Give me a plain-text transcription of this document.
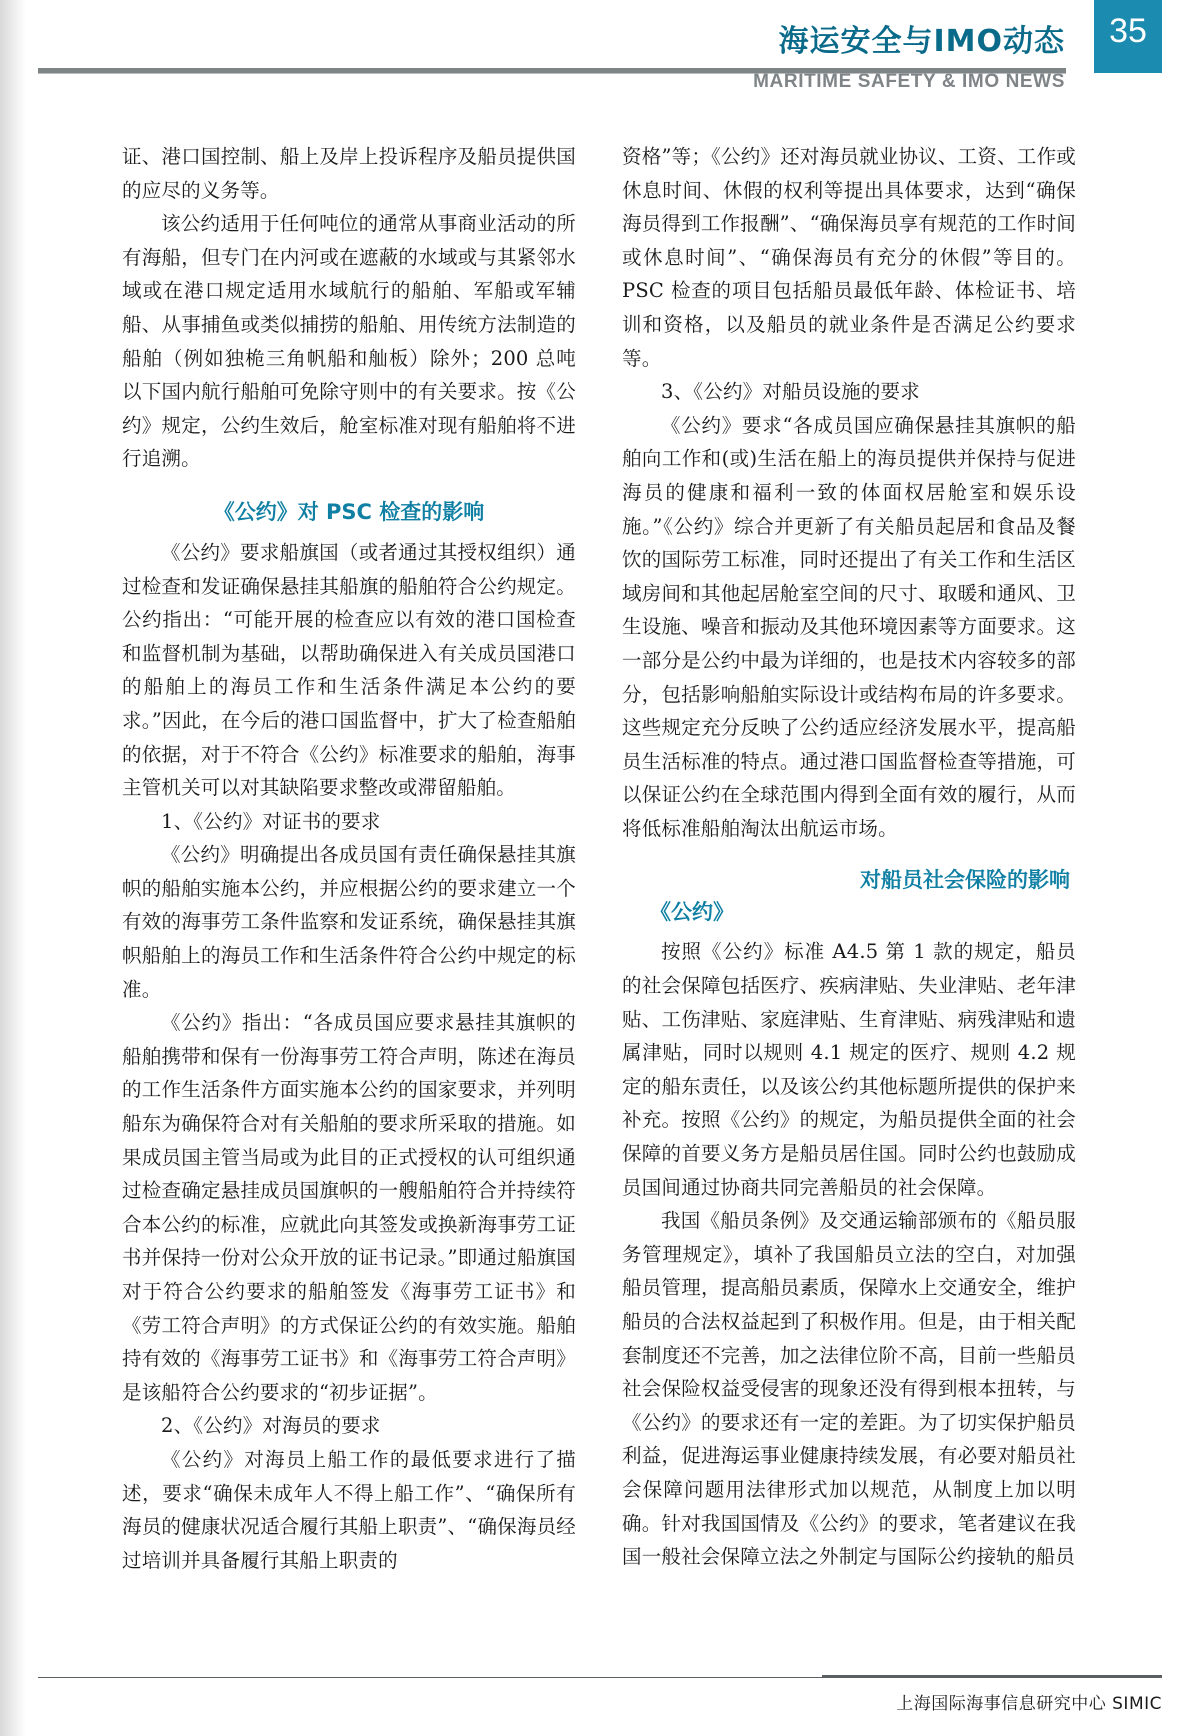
海运安全与IMO动态
MARITIME SAFETY & IMO NEWS
35

证、港口国控制、船上及岸上投诉程序及船员提供国的应尽的义务等。

该公约适用于任何吨位的通常从事商业活动的所有海船，但专门在内河或在遮蔽的水域或与其紧邻水域或在港口规定适用水域航行的船舶、军船或军辅船、从事捕鱼或类似捕捞的船舶、用传统方法制造的船舶（例如独桅三角帆船和舢板）除外；200 总吨以下国内航行船舶可免除守则中的有关要求。按《公约》规定，公约生效后，舱室标准对现有船舶将不进行追溯。

《公约》对 PSC 检查的影响

《公约》要求船旗国（或者通过其授权组织）通过检查和发证确保悬挂其船旗的船舶符合公约规定。公约指出：“可能开展的检查应以有效的港口国检查和监督机制为基础，以帮助确保进入有关成员国港口的船舶上的海员工作和生活条件满足本公约的要求。”因此，在今后的港口国监督中，扩大了检查船舶的依据，对于不符合《公约》标准要求的船舶，海事主管机关可以对其缺陷要求整改或滞留船舶。

1、《公约》对证书的要求

《公约》明确提出各成员国有责任确保悬挂其旗帜的船舶实施本公约，并应根据公约的要求建立一个有效的海事劳工条件监察和发证系统，确保悬挂其旗帜船舶上的海员工作和生活条件符合公约中规定的标准。

《公约》指出：“各成员国应要求悬挂其旗帜的船舶携带和保有一份海事劳工符合声明，陈述在海员的工作生活条件方面实施本公约的国家要求，并列明船东为确保符合对有关船舶的要求所采取的措施。如果成员国主管当局或为此目的正式授权的认可组织通过检查确定悬挂成员国旗帜的一艘船舶符合并持续符合本公约的标准，应就此向其签发或换新海事劳工证书并保持一份对公众开放的证书记录。”即通过船旗国对于符合公约要求的船舶签发《海事劳工证书》和《劳工符合声明》的方式保证公约的有效实施。船舶持有效的《海事劳工证书》和《海事劳工符合声明》是该船符合公约要求的“初步证据”。

2、《公约》对海员的要求

《公约》对海员上船工作的最低要求进行了描述，要求“确保未成年人不得上船工作”、“确保所有海员的健康状况适合履行其船上职责”、“确保海员经过培训并具备履行其船上职责的

资格”等；《公约》还对海员就业协议、工资、工作或休息时间、休假的权利等提出具体要求，达到“确保海员得到工作报酬”、“确保海员享有规范的工作时间或休息时间”、“确保海员有充分的休假”等目的。PSC 检查的项目包括船员最低年龄、体检证书、培训和资格，以及船员的就业条件是否满足公约要求等。

3、《公约》对船员设施的要求

《公约》要求“各成员国应确保悬挂其旗帜的船舶向工作和(或)生活在船上的海员提供并保持与促进海员的健康和福利一致的体面权居舱室和娱乐设施。”《公约》综合并更新了有关船员起居和食品及餐饮的国际劳工标准，同时还提出了有关工作和生活区域房间和其他起居舱室空间的尺寸、取暖和通风、卫生设施、噪音和振动及其他环境因素等方面要求。这一部分是公约中最为详细的，也是技术内容较多的部分，包括影响船舶实际设计或结构布局的许多要求。这些规定充分反映了公约适应经济发展水平，提高船员生活标准的特点。通过港口国监督检查等措施，可以保证公约在全球范围内得到全面有效的履行，从而将低标准船舶淘汰出航运市场。

对船员社会保险的影响
《公约》

按照《公约》标准 A4.5 第 1 款的规定，船员的社会保障包括医疗、疾病津贴、失业津贴、老年津贴、工伤津贴、家庭津贴、生育津贴、病残津贴和遗属津贴，同时以规则 4.1 规定的医疗、规则 4.2 规定的船东责任，以及该公约其他标题所提供的保护来补充。按照《公约》的规定，为船员提供全面的社会保障的首要义务方是船员居住国。同时公约也鼓励成员国间通过协商共同完善船员的社会保障。

我国《船员条例》及交通运输部颁布的《船员服务管理规定》，填补了我国船员立法的空白，对加强船员管理，提高船员素质，保障水上交通安全，维护船员的合法权益起到了积极作用。但是，由于相关配套制度还不完善，加之法律位阶不高，目前一些船员社会保险权益受侵害的现象还没有得到根本扭转，与《公约》的要求还有一定的差距。为了切实保护船员利益，促进海运事业健康持续发展，有必要对船员社会保障问题用法律形式加以规范，从制度上加以明确。针对我国国情及《公约》的要求，笔者建议在我国一般社会保障立法之外制定与国际公约接轨的船员

上海国际海事信息研究中心 SIMIC
